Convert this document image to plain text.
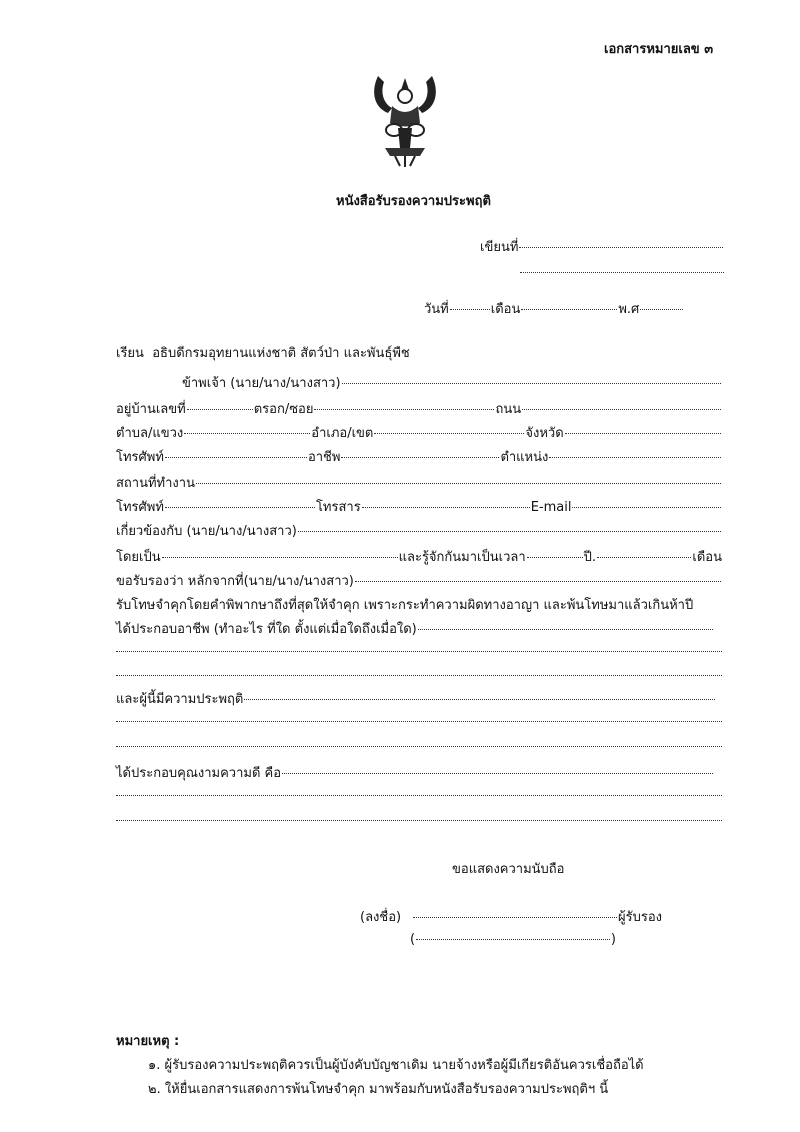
เอกสารหมายเลข ๓
หนังสือรับรองความประพฤติ
เขียนที่
วันที่	เดือน	พ.ศ
เรียน อธิบดีกรมอุทยานแห่งชาติ สัตว์ป่า และพันธุ์พืช
ข้าพเจ้า (นาย/นาง/นางสาว)
อยู่บ้านเลขที่	ตรอก/ซอย	ถนน
ตำบล/แขวง	อำเภอ/เขต	จังหวัด
โทรศัพท์	อาชีพ	ตำแหน่ง
สถานที่ทำงาน
โทรศัพท์	โทรสาร	E-mail
เกี่ยวข้องกับ (นาย/นาง/นางสาว)
โดยเป็น	และรู้จักกันมาเป็นเวลา	ปี.	เดือน
ขอรับรองว่า หลักจากที่(นาย/นาง/นางสาว)
รับโทษจำคุกโดยคำพิพากษาถึงที่สุดให้จำคุก เพราะกระทำความผิดทางอาญา และพ้นโทษมาแล้วเกินห้าปี
ได้ประกอบอาชีพ (ทำอะไร ที่ใด ตั้งแต่เมื่อใดถึงเมื่อใด)
และผู้นี้มีความประพฤติ
ได้ประกอบคุณงามความดี คือ
ขอแสดงความนับถือ
(ลงชื่อ)	ผู้รับรอง
(	)
หมายเหตุ :
๑. ผู้รับรองความประพฤติควรเป็นผู้บังคับบัญชาเดิม นายจ้างหรือผู้มีเกียรติอันควรเชื่อถือได้
๒. ให้ยื่นเอกสารแสดงการพ้นโทษจำคุก มาพร้อมกับหนังสือรับรองความประพฤติฯ นี้
